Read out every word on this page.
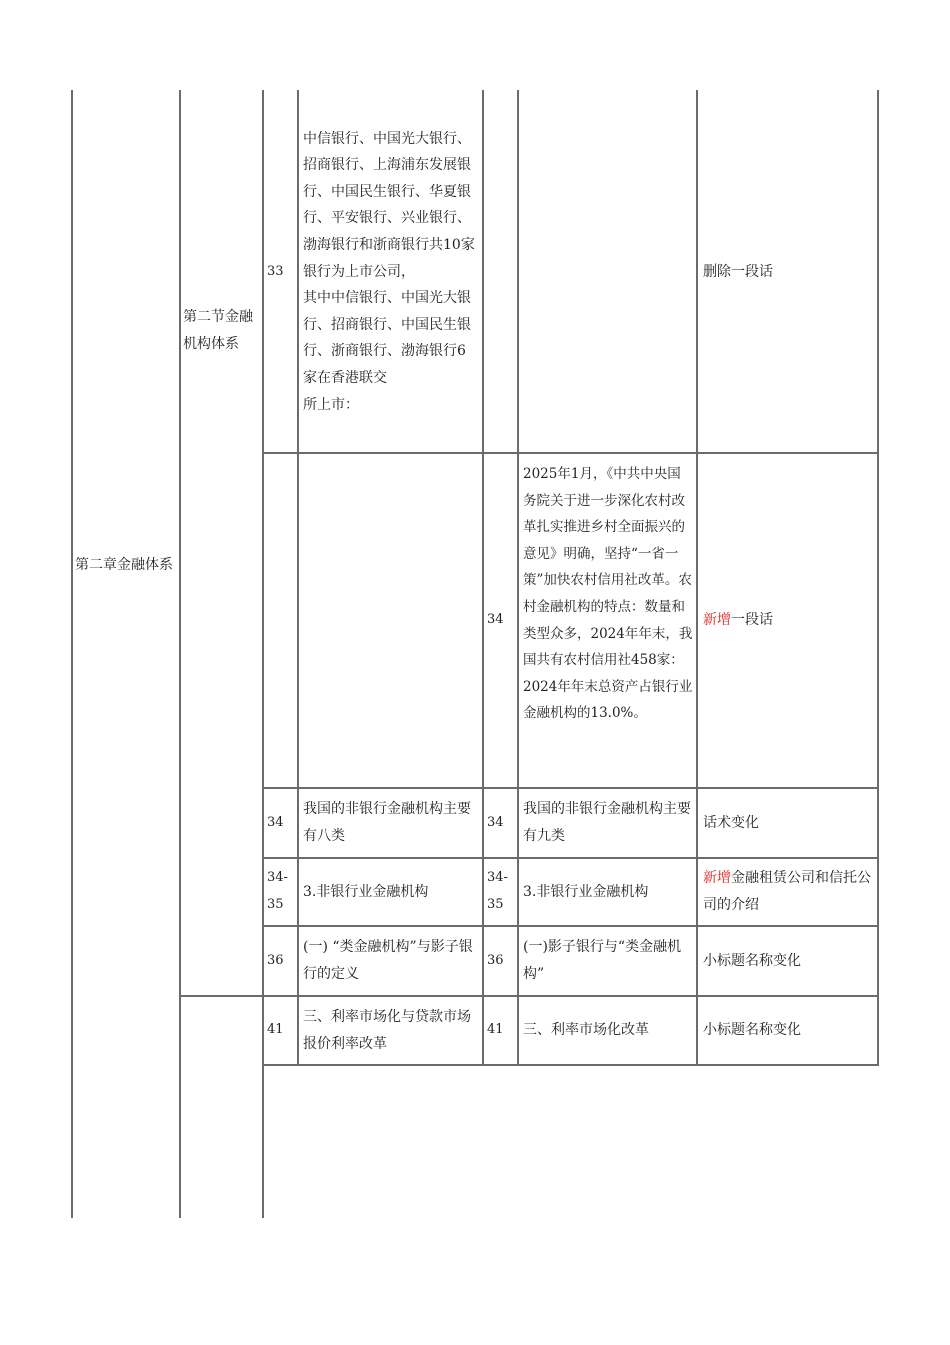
第二章金融体系
第二节金融机构体系
33

中信银行、中国光大银行、招商银行、上海浦东发展银行、中国民生银行、华夏银行、平安银行、兴业银行、渤海银行和浙商银行共10家银行为上市公司，
其中中信银行、中国光大银行、招商银行、中国民生银行、浙商银行、渤海银行6家在香港联交
所上市：

删除一段话
34
2025年1月，《中共中央国务院关于进一步深化农村改革扎实推进乡村全面振兴的意见》明确，坚持“一省一策”加快农村信用社改革。农村金融机构的特点：数量和类型众多，2024年年末，我国共有农村信用社458家：2024年年末总资产占银行业金融机构的13.0%。
新增一段话
34
我国的非银行金融机构主要有八类
34
我国的非银行金融机构主要有九类
话术变化
34-35
3.非银行业金融机构
34-35
3.非银行业金融机构
新增金融租赁公司和信托公司的介绍
36
(一) “类金融机构”与影子银行的定义
36
(一)影子银行与“类金融机构”
小标题名称变化
41
三、利率市场化与贷款市场报价利率改革
41 三、利率市场化改革	小标题名称变化
